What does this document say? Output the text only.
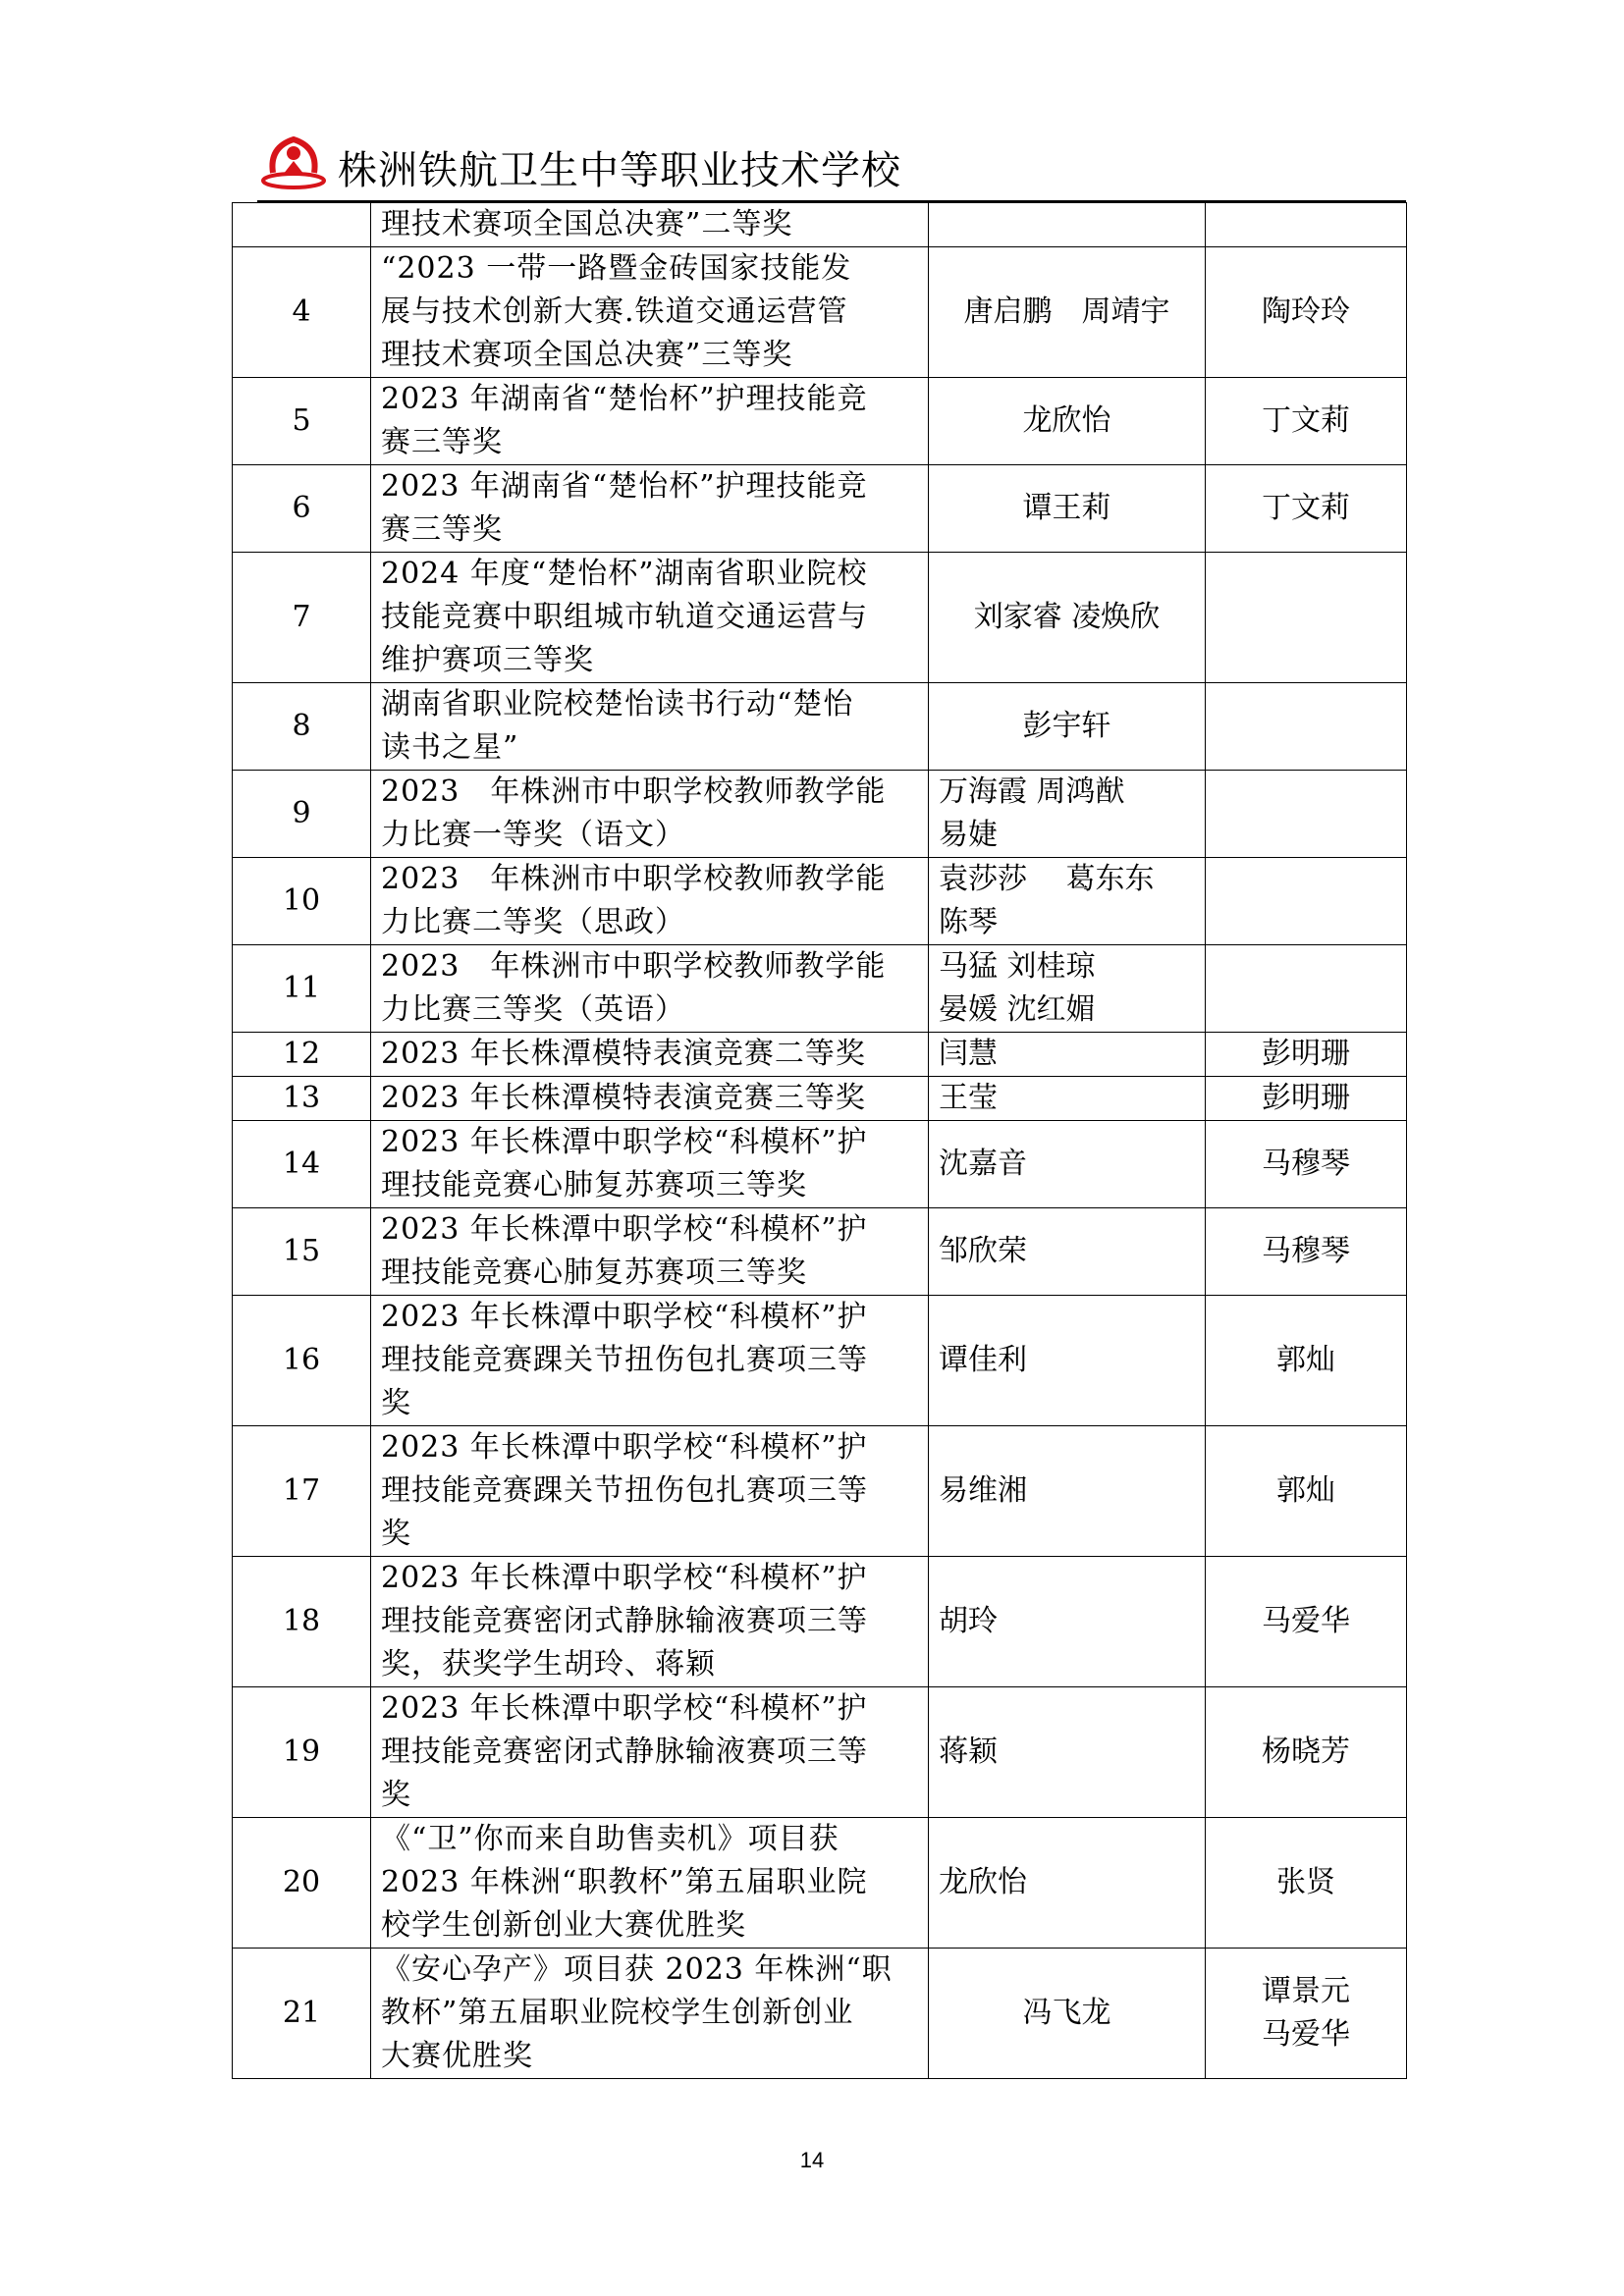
株洲铁航卫生中等职业技术学校

	理技术赛项全国总决赛”二等奖		

4	“2023 一带一路暨金砖国家技能发
展与技术创新大赛.铁道交通运营管
理技术赛项全国总决赛”三等奖	唐启鹏　周靖宇	陶玲玲

5	2023 年湖南省“楚怡杯”护理技能竞
赛三等奖	龙欣怡	丁文莉

6	2023 年湖南省“楚怡杯”护理技能竞
赛三等奖	谭王莉	丁文莉

7	2024 年度“楚怡杯”湖南省职业院校
技能竞赛中职组城市轨道交通运营与
维护赛项三等奖	刘家睿 凌焕欣	

8	湖南省职业院校楚怡读书行动“楚怡
读书之星”	彭宇轩	

9	2023　年株洲市中职学校教师教学能
力比赛一等奖（语文）	万海霞 周鸿猷
易婕	

10	2023　年株洲市中职学校教师教学能
力比赛二等奖（思政）	袁莎莎　 葛东东
陈琴	

11	2023　年株洲市中职学校教师教学能
力比赛三等奖（英语）	马猛 刘桂琼
晏媛 沈红媚	

12	2023 年长株潭模特表演竞赛二等奖	闫慧	彭明珊

13	2023 年长株潭模特表演竞赛三等奖	王莹	彭明珊

14	2023 年长株潭中职学校“科模杯”护
理技能竞赛心肺复苏赛项三等奖	沈嘉音	马穆琴

15	2023 年长株潭中职学校“科模杯”护
理技能竞赛心肺复苏赛项三等奖	邹欣荣	马穆琴

16	2023 年长株潭中职学校“科模杯”护
理技能竞赛踝关节扭伤包扎赛项三等
奖	谭佳利	郭灿

17	2023 年长株潭中职学校“科模杯”护
理技能竞赛踝关节扭伤包扎赛项三等
奖	易维湘	郭灿

18	2023 年长株潭中职学校“科模杯”护
理技能竞赛密闭式静脉输液赛项三等
奖，获奖学生胡玲、蒋颖	胡玲	马爱华

19	2023 年长株潭中职学校“科模杯”护
理技能竞赛密闭式静脉输液赛项三等
奖	蒋颖	杨晓芳

20	《“卫”你而来自助售卖机》项目获
2023 年株洲“职教杯”第五届职业院
校学生创新创业大赛优胜奖	龙欣怡	张贤

21	《安心孕产》项目获 2023 年株洲“职
教杯”第五届职业院校学生创新创业
大赛优胜奖	冯飞龙	谭景元
马爱华
14
